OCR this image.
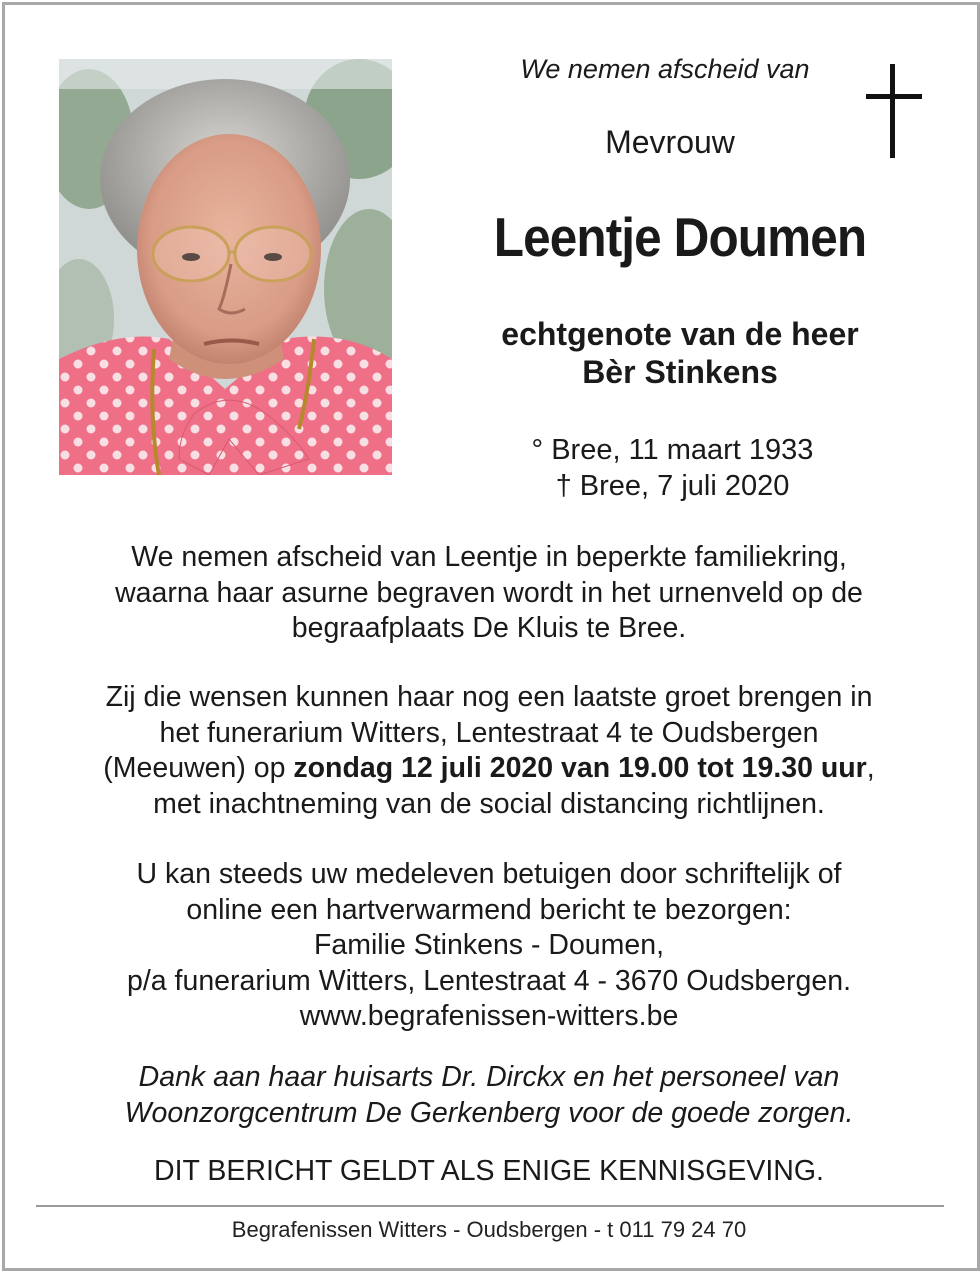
We nemen afscheid van
Mevrouw
Leentje Doumen
echtgenote van de heer
Bèr Stinkens
° Bree, 11 maart 1933
† Bree, 7 juli 2020
We nemen afscheid van Leentje in beperkte familiekring,
waarna haar asurne begraven wordt in het urnenveld op de
begraafplaats De Kluis te Bree.
Zij die wensen kunnen haar nog een laatste groet brengen in
het funerarium Witters, Lentestraat 4 te Oudsbergen
(Meeuwen) op zondag 12 juli 2020 van 19.00 tot 19.30 uur,
met inachtneming van de social distancing richtlijnen.
U kan steeds uw medeleven betuigen door schriftelijk of
online een hartverwarmend bericht te bezorgen:
Familie Stinkens - Doumen,
p/a funerarium Witters, Lentestraat 4 - 3670 Oudsbergen.
www.begrafenissen-witters.be
Dank aan haar huisarts Dr. Dirckx en het personeel van
Woonzorgcentrum De Gerkenberg voor de goede zorgen.
DIT BERICHT GELDT ALS ENIGE KENNISGEVING.
Begrafenissen Witters - Oudsbergen - t 011 79 24 70
